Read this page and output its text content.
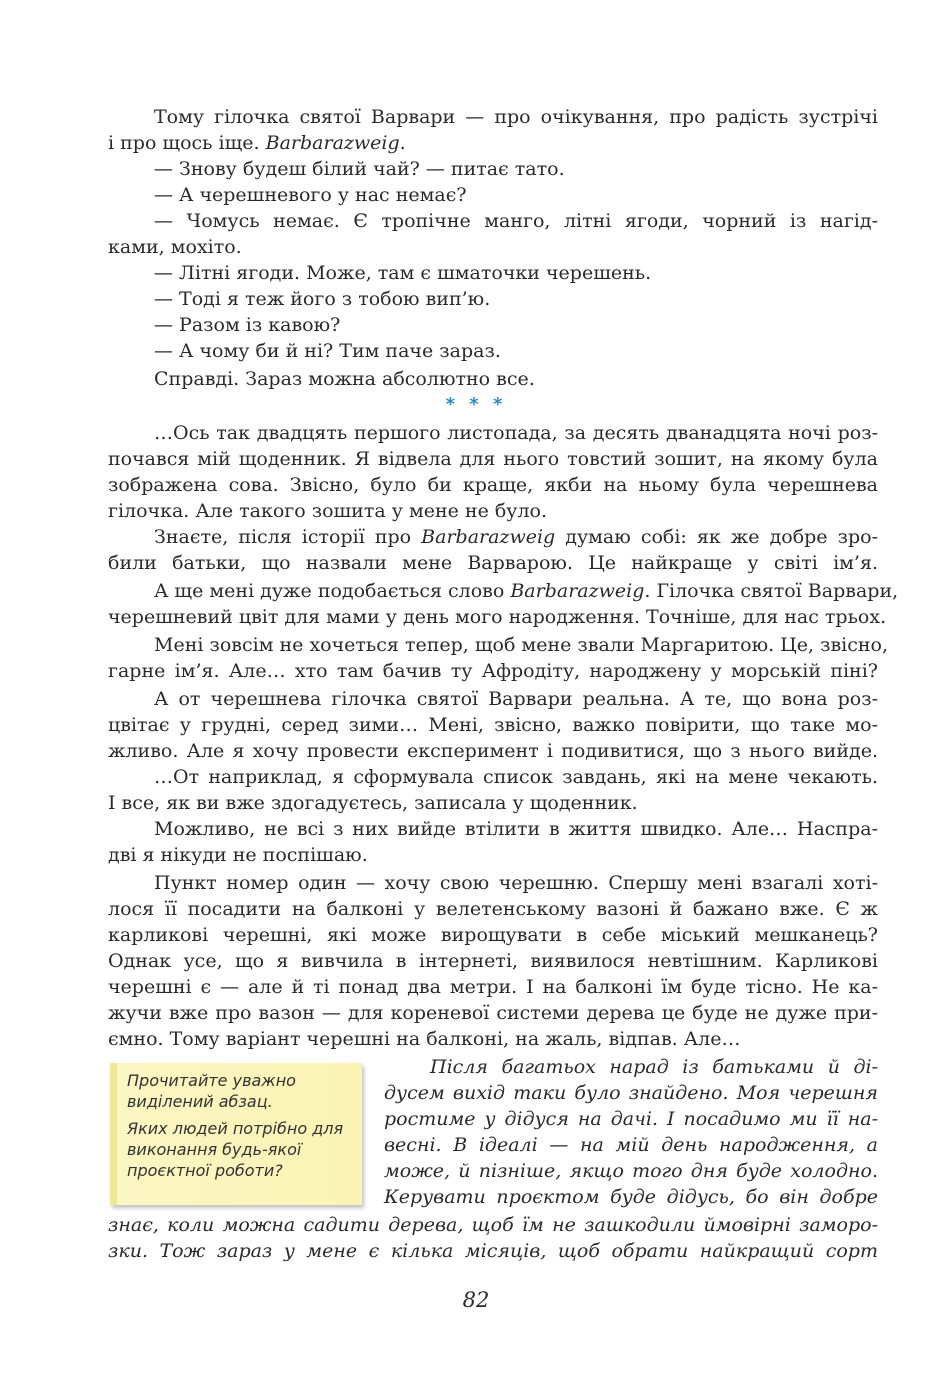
Тому гілочка святої Варвари — про очікування, про радість зустрічі
і про щось іще. Barbarazweig.
— Знову будеш білий чай? — питає тато.
— А черешневого у нас немає?
— Чомусь немає. Є тропічне манго, літні ягоди, чорний із нагід-
ками, мохіто.
— Літні ягоди. Може, там є шматочки черешень.
— Тоді я теж його з тобою вип’ю.
— Разом із кавою?
— А чому би й ні? Тим паче зараз.
Справді. Зараз можна абсолютно все.
…Ось так двадцять першого листопада, за десять дванадцята ночі роз-
почався мій щоденник. Я відвела для нього товстий зошит, на якому була
зображена сова. Звісно, було би краще, якби на ньому була черешнева
гілочка. Але такого зошита у мене не було.
Знаєте, після історії про Barbarazweig думаю собі: як же добре зро-
били батьки, що назвали мене Варварою. Це найкраще у світі ім’я.
А ще мені дуже подобається слово Barbarazweig. Гілочка святої Варвари,
черешневий цвіт для мами у день мого народження. Точніше, для нас трьох.
Мені зовсім не хочеться тепер, щоб мене звали Маргаритою. Це, звісно,
гарне ім’я. Але… хто там бачив ту Афродіту, народжену у морській піні?
А от черешнева гілочка святої Варвари реальна. А те, що вона роз-
цвітає у грудні, серед зими… Мені, звісно, важко повірити, що таке мо-
жливо. Але я хочу провести експеримент і подивитися, що з нього вийде.
…От наприклад, я сформувала список завдань, які на мене чекають.
І все, як ви вже здогадуєтесь, записала у щоденник.
Можливо, не всі з них вийде втілити в життя швидко. Але… Наспра-
дві я нікуди не поспішаю.
Пункт номер один — хочу свою черешню. Спершу мені взагалі хоті-
лося її посадити на балконі у велетенському вазоні й бажано вже. Є ж
карликові черешні, які може вирощувати в себе міський мешканець?
Однак усе, що я вивчила в інтернеті, виявилося невтішним. Карликові
черешні є — але й ті понад два метри. І на балконі їм буде тісно. Не ка-
жучи вже про вазон — для кореневої системи дерева це буде не дуже при-
ємно. Тому варіант черешні на балконі, на жаль, відпав. Але…
* * *
Після багатьох нарад із батьками й ді-
дусем вихід таки було знайдено. Моя черешня
ростиме у дідуся на дачі. І посадимо ми її на-
весні. В ідеалі — на мій день народження, а
може, й пізніше, якщо того дня буде холодно.
Керувати проєктом буде дідусь, бо він добре
знає, коли можна садити дерева, щоб їм не зашкодили ймовірні заморо-
зки. Тож зараз у мене є кілька місяців, щоб обрати найкращий сорт

Прочитайте уважно виділений абзац.

Яких людей потрібно для виконання будь-якої проєктної роботи?

82
